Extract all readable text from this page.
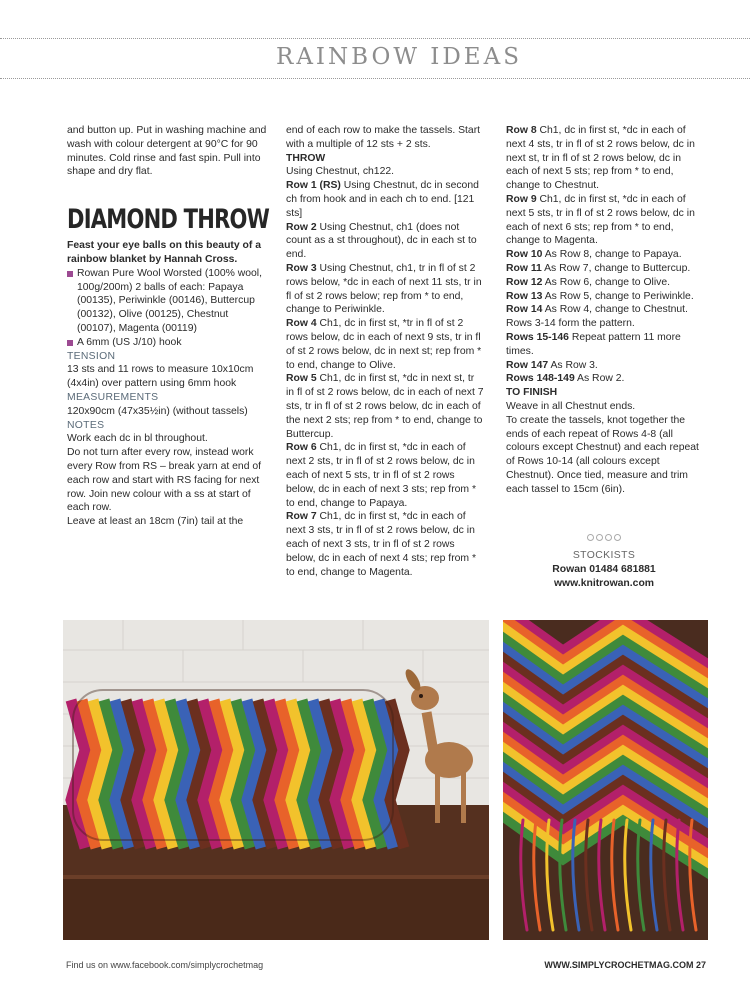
RAINBOW IDEAS

and button up. Put in washing machine and wash with colour detergent at 90°C for 90 minutes. Cold rinse and fast spin. Pull into shape and dry flat.

DIAMOND THROW

Feast your eye balls on this beauty of a rainbow blanket by Hannah Cross.

Rowan Pure Wool Worsted (100% wool, 100g/200m) 2 balls of each: Papaya (00135), Periwinkle (00146), Buttercup (00132), Olive (00125), Chestnut (00107), Magenta (00119)
A 6mm (US J/10) hook

TENSION

13 sts and 11 rows to measure 10x10cm (4x4in) over pattern using 6mm hook

MEASUREMENTS

120x90cm (47x35½in) (without tassels)

NOTES

Work each dc in bl throughout.

Do not turn after every row, instead work every Row from RS – break yarn at end of each row and start with RS facing for next row. Join new colour with a ss at start of each row.

Leave at least an 18cm (7in) tail at the

end of each row to make the tassels. Start with a multiple of 12 sts + 2 sts.

THROW

Using Chestnut, ch122.

Row 1 (RS) Using Chestnut, dc in second ch from hook and in each ch to end. [121 sts]

Row 2 Using Chestnut, ch1 (does not count as a st throughout), dc in each st to end.

Row 3 Using Chestnut, ch1, tr in fl of st 2 rows below, *dc in each of next 11 sts, tr in fl of st 2 rows below; rep from * to end, change to Periwinkle.

Row 4 Ch1, dc in first st, *tr in fl of st 2 rows below, dc in each of next 9 sts, tr in fl of st 2 rows below, dc in next st; rep from * to end, change to Olive.

Row 5 Ch1, dc in first st, *dc in next st, tr in fl of st 2 rows below, dc in each of next 7 sts, tr in fl of st 2 rows below, dc in each of the next 2 sts; rep from * to end, change to Buttercup.

Row 6 Ch1, dc in first st, *dc in each of next 2 sts, tr in fl of st 2 rows below, dc in each of next 5 sts, tr in fl of st 2 rows below, dc in each of next 3 sts; rep from * to end, change to Papaya.

Row 7 Ch1, dc in first st, *dc in each of next 3 sts, tr in fl of st 2 rows below, dc in each of next 3 sts, tr in fl of st 2 rows below, dc in each of next 4 sts; rep from * to end, change to Magenta.

Row 8 Ch1, dc in first st, *dc in each of next 4 sts, tr in fl of st 2 rows below, dc in next st, tr in fl of st 2 rows below, dc in each of next 5 sts; rep from * to end, change to Chestnut.

Row 9 Ch1, dc in first st, *dc in each of next 5 sts, tr in fl of st 2 rows below, dc in each of next 6 sts; rep from * to end, change to Magenta.

Row 10 As Row 8, change to Papaya.

Row 11 As Row 7, change to Buttercup.

Row 12 As Row 6, change to Olive.

Row 13 As Row 5, change to Periwinkle.

Row 14 As Row 4, change to Chestnut.

Rows 3-14 form the pattern.

Rows 15-146 Repeat pattern 11 more times.

Row 147 As Row 3.

Rows 148-149 As Row 2.

TO FINISH

Weave in all Chestnut ends.

To create the tassels, knot together the ends of each repeat of Rows 4-8 (all colours except Chestnut) and each repeat of Rows 10-14 (all colours except Chestnut). Once tied, measure and trim each tassel to 15cm (6in).

STOCKISTS
Rowan 01484 681881
www.knitrowan.com
Find us on www.facebook.com/simplycrochetmag	WWW.SIMPLYCROCHETMAG.COM 27
